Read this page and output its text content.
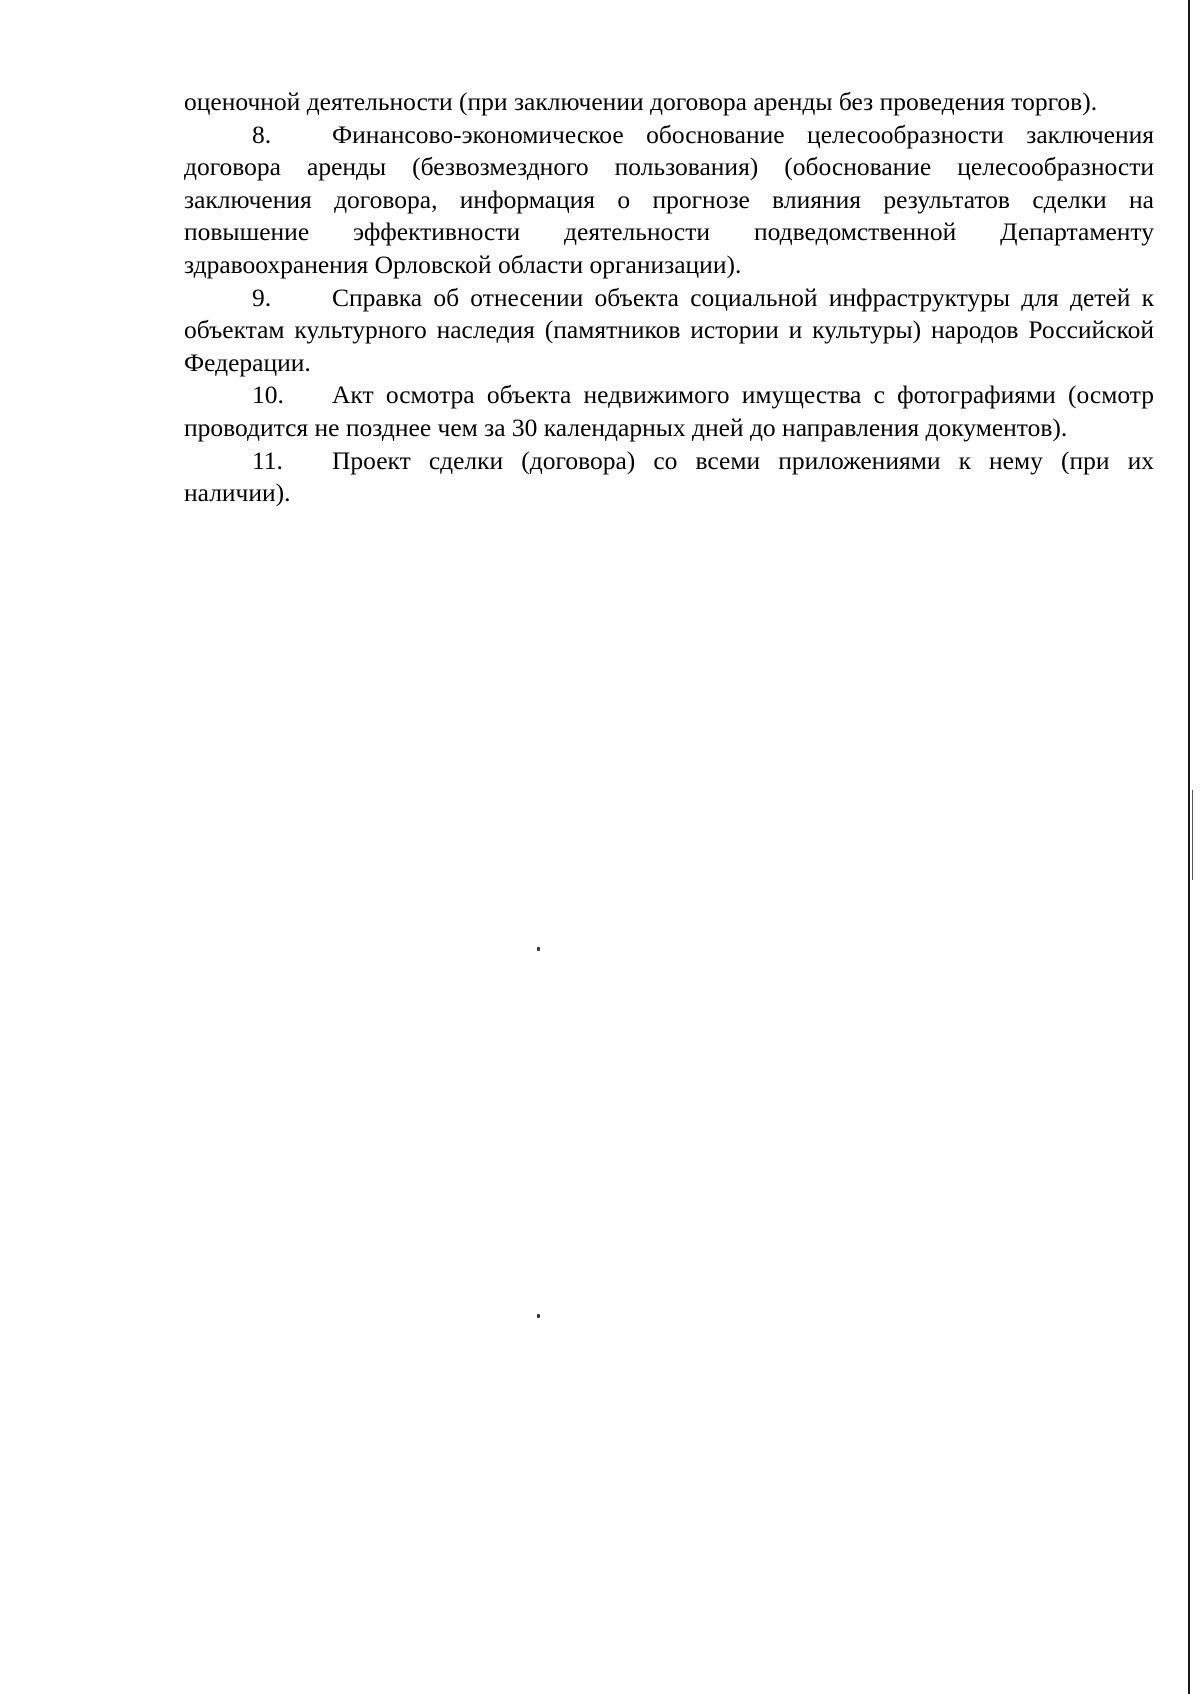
оценочной деятельности (при заключении договора аренды без проведения торгов).

8. Финансово-экономическое обоснование целесообразности заключения договора аренды (безвозмездного пользования) (обоснование целесообразности заключения договора, информация о прогнозе влияния результатов сделки на повышение эффективности деятельности подведомственной Департаменту здравоохранения Орловской области организации).

9. Справка об отнесении объекта социальной инфраструктуры для детей к объектам культурного наследия (памятников истории и культуры) народов Российской Федерации.

10. Акт осмотра объекта недвижимого имущества с фотографиями (осмотр проводится не позднее чем за 30 календарных дней до направления документов).

11. Проект сделки (договора) со всеми приложениями к нему (при их наличии).
